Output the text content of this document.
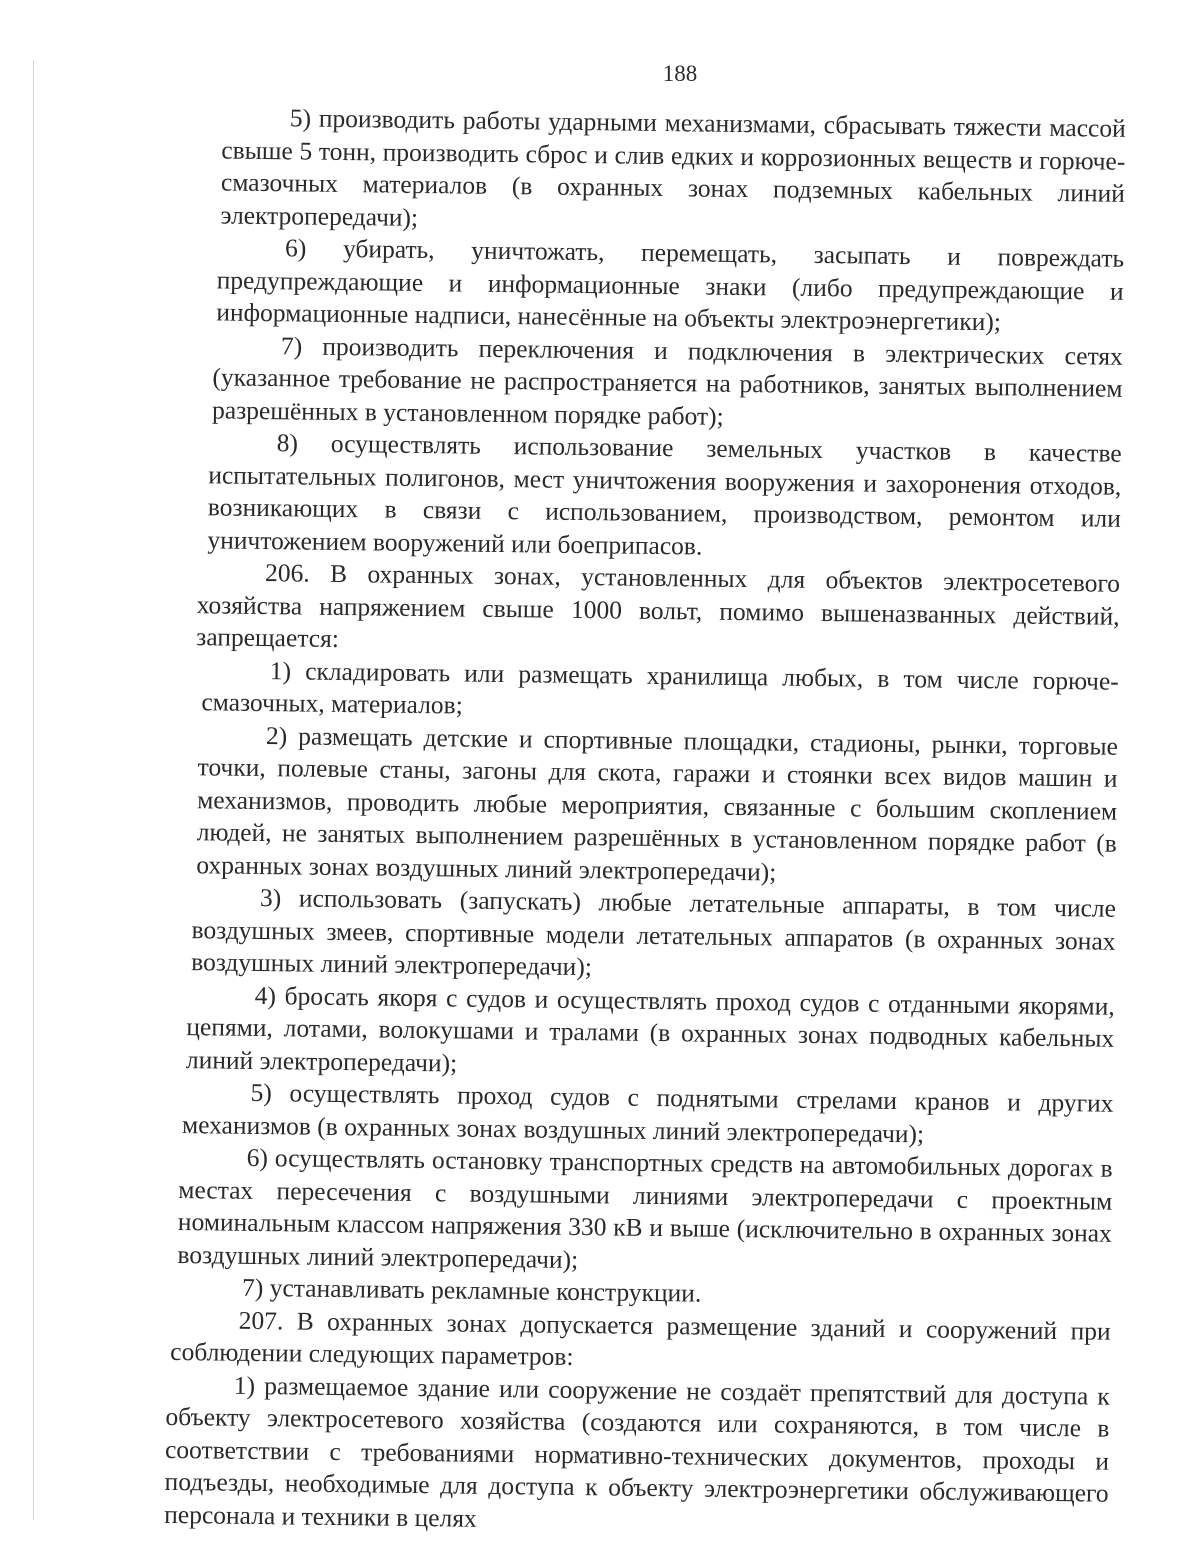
188

5) производить работы ударными механизмами, сбрасывать тяжести массой свыше 5 тонн, производить сброс и слив едких и коррозионных веществ и горюче-смазочных материалов (в охранных зонах подземных кабельных линий электропередачи);

6) убирать, уничтожать, перемещать, засыпать и повреждать предупреждающие и информационные знаки (либо предупреждающие и информационные надписи, нанесённые на объекты электроэнергетики);

7) производить переключения и подключения в электрических сетях (указанное требование не распространяется на работников, занятых выполнением разрешённых в установленном порядке работ);

8) осуществлять использование земельных участков в качестве испытательных полигонов, мест уничтожения вооружения и захоронения отходов, возникающих в связи с использованием, производством, ремонтом или уничтожением вооружений или боеприпасов.

206. В охранных зонах, установленных для объектов электросетевого хозяйства напряжением свыше 1000 вольт, помимо вышеназванных действий, запрещается:

1) складировать или размещать хранилища любых, в том числе горюче-смазочных, материалов;

2) размещать детские и спортивные площадки, стадионы, рынки, торговые точки, полевые станы, загоны для скота, гаражи и стоянки всех видов машин и механизмов, проводить любые мероприятия, связанные с большим скоплением людей, не занятых выполнением разрешённых в установленном порядке работ (в охранных зонах воздушных линий электропередачи);

3) использовать (запускать) любые летательные аппараты, в том числе воздушных змеев, спортивные модели летательных аппаратов (в охранных зонах воздушных линий электропередачи);

4) бросать якоря с судов и осуществлять проход судов с отданными якорями, цепями, лотами, волокушами и тралами (в охранных зонах подводных кабельных линий электропередачи);

5) осуществлять проход судов с поднятыми стрелами кранов и других механизмов (в охранных зонах воздушных линий электропередачи);

6) осуществлять остановку транспортных средств на автомобильных дорогах в местах пересечения с воздушными линиями электропередачи с проектным номинальным классом напряжения 330 кВ и выше (исключительно в охранных зонах воздушных линий электропередачи);

7) устанавливать рекламные конструкции.

207. В охранных зонах допускается размещение зданий и сооружений при соблюдении следующих параметров:

1) размещаемое здание или сооружение не создаёт препятствий для доступа к объекту электросетевого хозяйства (создаются или сохраняются, в том числе в соответствии с требованиями нормативно-технических документов, проходы и подъезды, необходимые для доступа к объекту электроэнергетики обслуживающего персонала и техники в целях
